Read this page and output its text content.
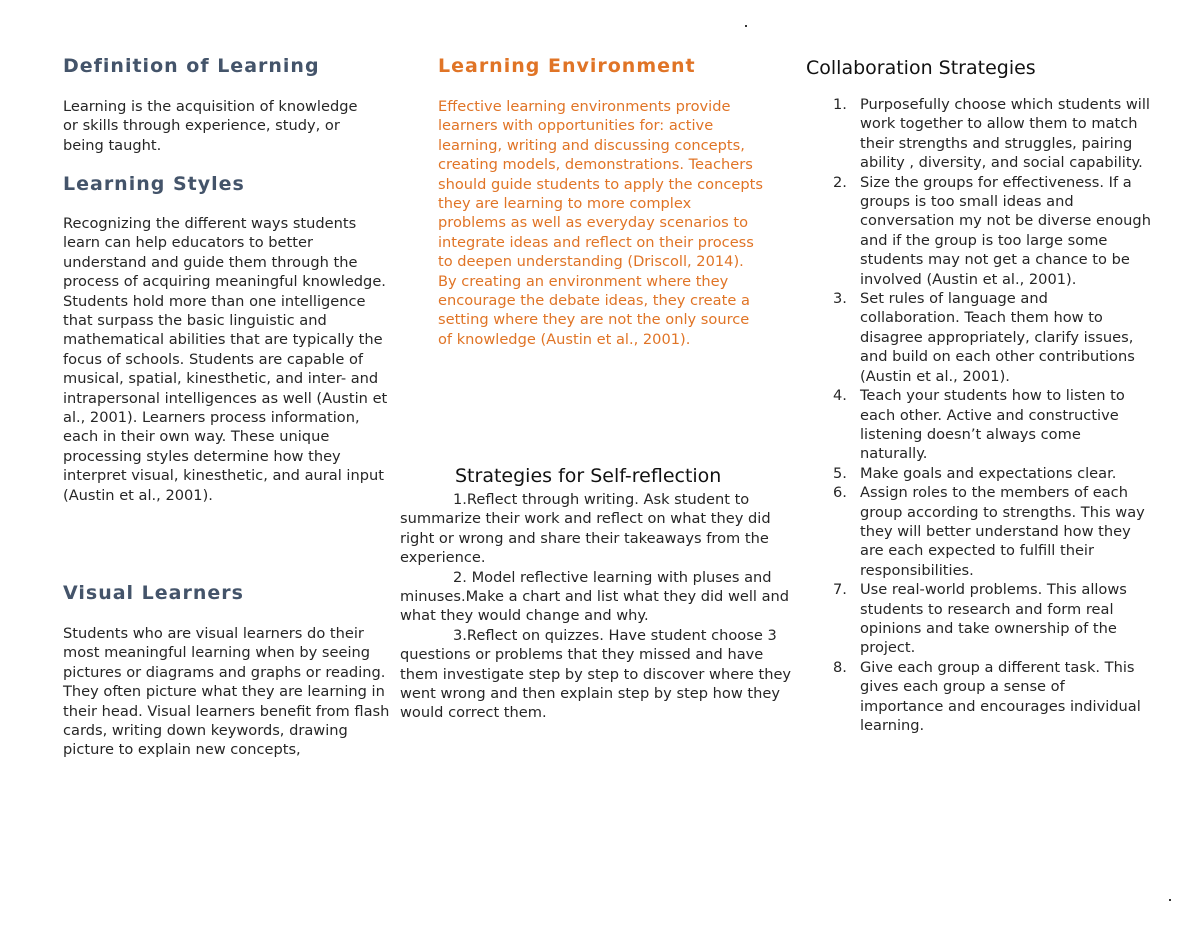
Definition of Learning

Learning is the acquisition of knowledge or skills through experience, study, or being taught.

Learning Styles

Recognizing the different ways students learn can help educators to better understand and guide them through the process of acquiring meaningful knowledge. Students hold more than one intelligence that surpass the basic linguistic and mathematical abilities that are typically the focus of schools. Students are capable of musical, spatial, kinesthetic, and inter- and intrapersonal intelligences as well (Austin et al., 2001). Learners process information, each in their own way. These unique processing styles determine how they interpret visual, kinesthetic, and aural input (Austin et al., 2001).

Visual Learners

Students who are visual learners do their most meaningful learning when by seeing pictures or diagrams and graphs or reading. They often picture what they are learning in their head. Visual learners benefit from flash cards, writing down keywords, drawing picture to explain new concepts,

Learning Environment

Effective learning environments provide learners with opportunities for: active learning, writing and discussing concepts, creating models, demonstrations. Teachers should guide students to apply the concepts they are learning to more complex problems as well as everyday scenarios to integrate ideas and reflect on their process to deepen understanding (Driscoll, 2014). By creating an environment where they encourage the debate ideas, they create a setting where they are not the only source of knowledge (Austin et al., 2001).

Strategies for Self-reflection

1.Reflect through writing. Ask student to summarize their work and reflect on what they did right or wrong and share their takeaways from the experience.

2. Model reflective learning with pluses and minuses.Make a chart and list what they did well and what they would change and why.

3.Reflect on quizzes. Have student choose 3 questions or problems that they missed and have them investigate step by step to discover where they went wrong and then explain step by step how they would correct them.

Collaboration Strategies
1. Purposefully choose which students will work together to allow them to match their strengths and struggles, pairing ability , diversity, and social capability.
2. Size the groups for effectiveness. If a groups is too small ideas and conversation my not be diverse enough and if the group is too large some students may not get a chance to be involved (Austin et al., 2001).
3. Set rules of language and collaboration. Teach them how to disagree appropriately, clarify issues, and build on each other contributions (Austin et al., 2001).
4. Teach your students how to listen to each other. Active and constructive listening doesn’t always come naturally.
5. Make goals and expectations clear.
6. Assign roles to the members of each group according to strengths. This way they will better understand how they are each expected to fulfill their responsibilities.
7. Use real-world problems. This allows students to research and form real opinions and take ownership of the project.
8. Give each group a different task. This gives each group a sense of importance and encourages individual learning.
